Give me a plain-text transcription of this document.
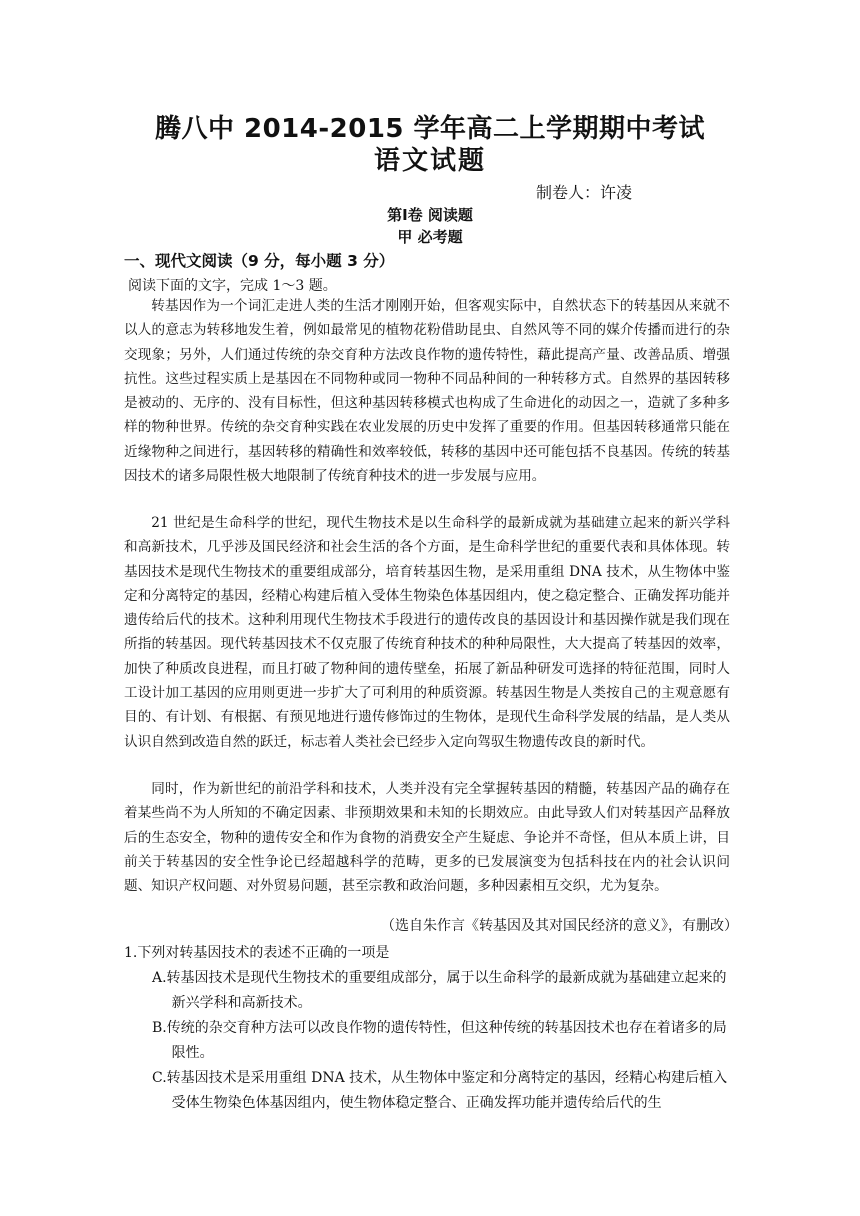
腾八中 2014-2015 学年高二上学期期中考试
语文试题
制卷人：许凌
第Ⅰ卷 阅读题
甲 必考题
一、现代文阅读（9 分，每小题 3 分）
阅读下面的文字，完成 1～3 题。

转基因作为一个词汇走进人类的生活才刚刚开始，但客观实际中，自然状态下的转基因从来就不以人的意志为转移地发生着，例如最常见的植物花粉借助昆虫、自然风等不同的媒介传播而进行的杂交现象；另外，人们通过传统的杂交育种方法改良作物的遗传特性，藉此提高产量、改善品质、增强抗性。这些过程实质上是基因在不同物种或同一物种不同品种间的一种转移方式。自然界的基因转移是被动的、无序的、没有目标性，但这种基因转移模式也构成了生命进化的动因之一，造就了多种多样的物种世界。传统的杂交育种实践在农业发展的历史中发挥了重要的作用。但基因转移通常只能在近缘物种之间进行，基因转移的精确性和效率较低，转移的基因中还可能包括不良基因。传统的转基因技术的诸多局限性极大地限制了传统育种技术的进一步发展与应用。

21 世纪是生命科学的世纪，现代生物技术是以生命科学的最新成就为基础建立起来的新兴学科和高新技术，几乎涉及国民经济和社会生活的各个方面，是生命科学世纪的重要代表和具体体现。转基因技术是现代生物技术的重要组成部分，培育转基因生物，是采用重组 DNA 技术，从生物体中鉴定和分离特定的基因，经精心构建后植入受体生物染色体基因组内，使之稳定整合、正确发挥功能并遗传给后代的技术。这种利用现代生物技术手段进行的遗传改良的基因设计和基因操作就是我们现在所指的转基因。现代转基因技术不仅克服了传统育种技术的种种局限性，大大提高了转基因的效率，加快了种质改良进程，而且打破了物种间的遗传壁垒，拓展了新品种研发可选择的特征范围，同时人工设计加工基因的应用则更进一步扩大了可利用的种质资源。转基因生物是人类按自己的主观意愿有目的、有计划、有根据、有预见地进行遗传修饰过的生物体，是现代生命科学发展的结晶，是人类从认识自然到改造自然的跃迁，标志着人类社会已经步入定向驾驭生物遗传改良的新时代。

同时，作为新世纪的前沿学科和技术，人类并没有完全掌握转基因的精髓，转基因产品的确存在着某些尚不为人所知的不确定因素、非预期效果和未知的长期效应。由此导致人们对转基因产品释放后的生态安全，物种的遗传安全和作为食物的消费安全产生疑虑、争论并不奇怪，但从本质上讲，目前关于转基因的安全性争论已经超越科学的范畴，更多的已发展演变为包括科技在内的社会认识问题、知识产权问题、对外贸易问题，甚至宗教和政治问题，多种因素相互交织，尤为复杂。

（选自朱作言《转基因及其对国民经济的意义》，有删改）

1.下列对转基因技术的表述不正确的一项是

A.转基因技术是现代生物技术的重要组成部分，属于以生命科学的最新成就为基础建立起来的新兴学科和高新技术。

B.传统的杂交育种方法可以改良作物的遗传特性，但这种传统的转基因技术也存在着诸多的局限性。

C.转基因技术是采用重组 DNA 技术，从生物体中鉴定和分离特定的基因，经精心构建后植入受体生物染色体基因组内，使生物体稳定整合、正确发挥功能并遗传给后代的生
